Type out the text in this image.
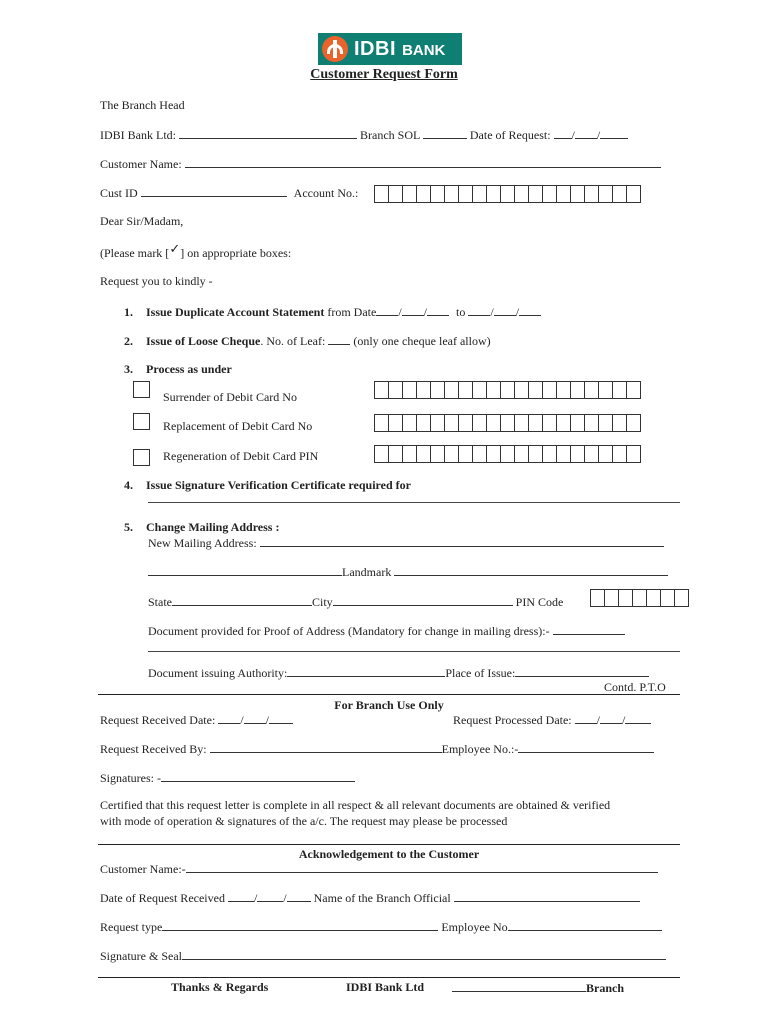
IDBI BANK
Customer Request Form
The Branch Head
IDBI Bank Ltd:	Branch SOL	Date of Request: / /
Customer Name:
Cust ID	Account No.:
Dear Sir/Madam,
(Please mark [✓] on appropriate boxes:
Request you to kindly -
1. Issue Duplicate Account Statement from Date / / to / /
2. Issue of Loose Cheque. No. of Leaf: (only one cheque leaf allow)
3. Process as under
Surrender of Debit Card No
Replacement of Debit Card No
Regeneration of Debit Card PIN
4. Issue Signature Verification Certificate required for
5. Change Mailing Address :
New Mailing Address:
Landmark
State	City	PIN Code
Document provided for Proof of Address (Mandatory for change in mailing dress):-
Document issuing Authority:	Place of Issue:
Contd. P.T.O
For Branch Use Only
Request Received Date: / /	Request Processed Date: / /
Request Received By:	Employee No.:-
Signatures: -
Certified that this request letter is complete in all respect & all relevant documents are obtained & verified
with mode of operation & signatures of the a/c. The request may please be processed
Acknowledgement to the Customer
Customer Name:-
Date of Request Received / / Name of the Branch Official
Request type	Employee No
Signature & Seal
Thanks & Regards	IDBI Bank Ltd	Branch
